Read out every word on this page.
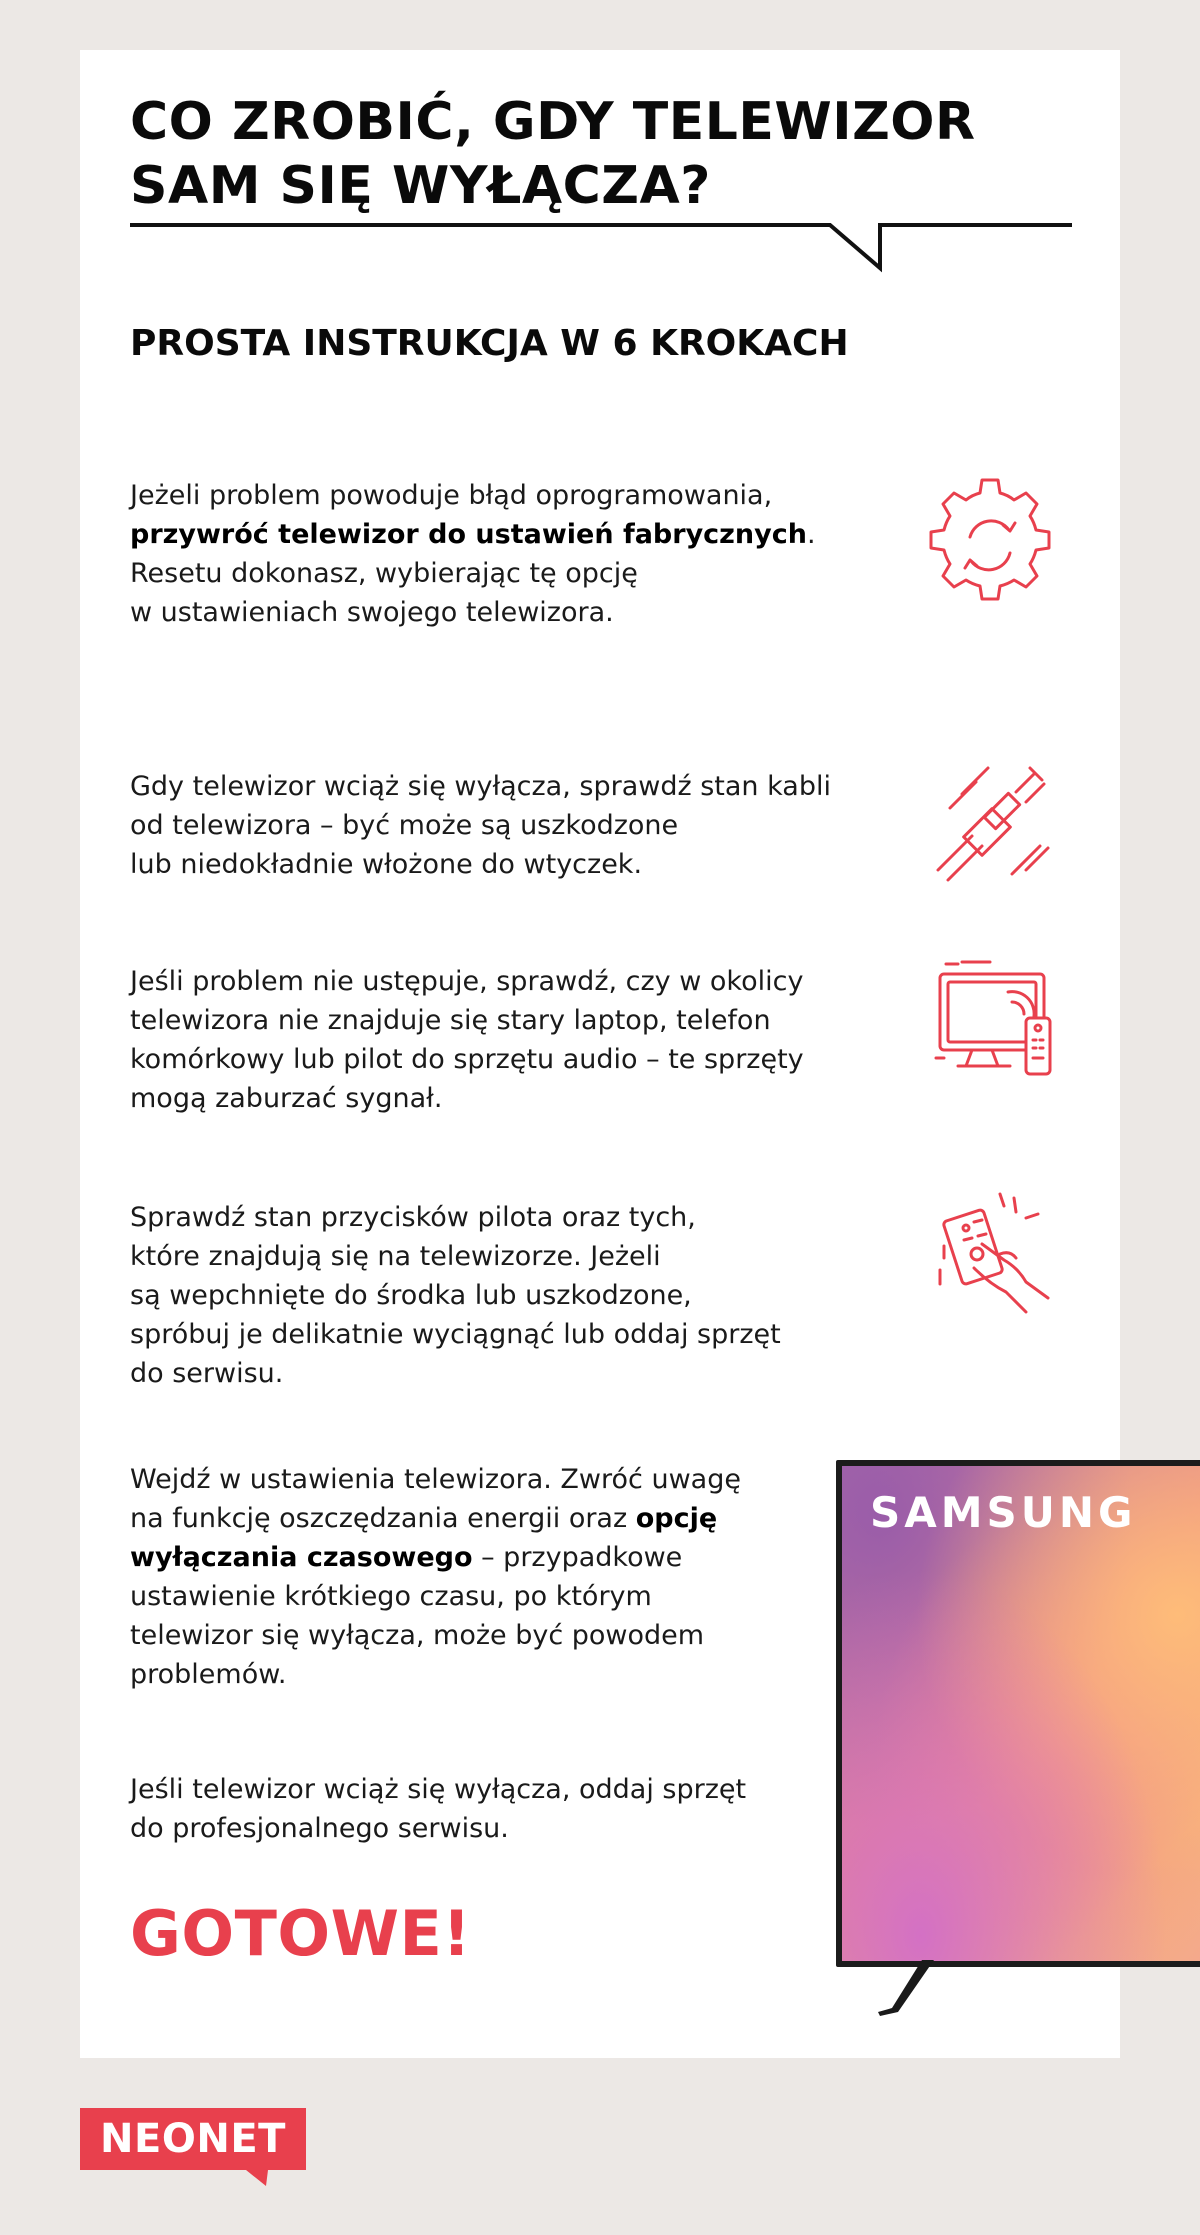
CO ZROBIĆ, GDY TELEWIZOR
SAM SIĘ WYŁĄCZA?
PROSTA INSTRUKCJA W 6 KROKACH
Jeżeli problem powoduje błąd oprogramowania,
przywróć telewizor do ustawień fabrycznych.
Resetu dokonasz, wybierając tę opcję
w ustawieniach swojego telewizora.
Gdy telewizor wciąż się wyłącza, sprawdź stan kabli
od telewizora – być może są uszkodzone
lub niedokładnie włożone do wtyczek.
Jeśli problem nie ustępuje, sprawdź, czy w okolicy
telewizora nie znajduje się stary laptop, telefon
komórkowy lub pilot do sprzętu audio – te sprzęty
mogą zaburzać sygnał.
Sprawdź stan przycisków pilota oraz tych,
które znajdują się na telewizorze. Jeżeli
są wepchnięte do środka lub uszkodzone,
spróbuj je delikatnie wyciągnąć lub oddaj sprzęt
do serwisu.
Wejdź w ustawienia telewizora. Zwróć uwagę
na funkcję oszczędzania energii oraz opcję
wyłączania czasowego – przypadkowe
ustawienie krótkiego czasu, po którym
telewizor się wyłącza, może być powodem
problemów.
Jeśli telewizor wciąż się wyłącza, oddaj sprzęt
do profesjonalnego serwisu.
GOTOWE!
SAMSUNG
NEONET
